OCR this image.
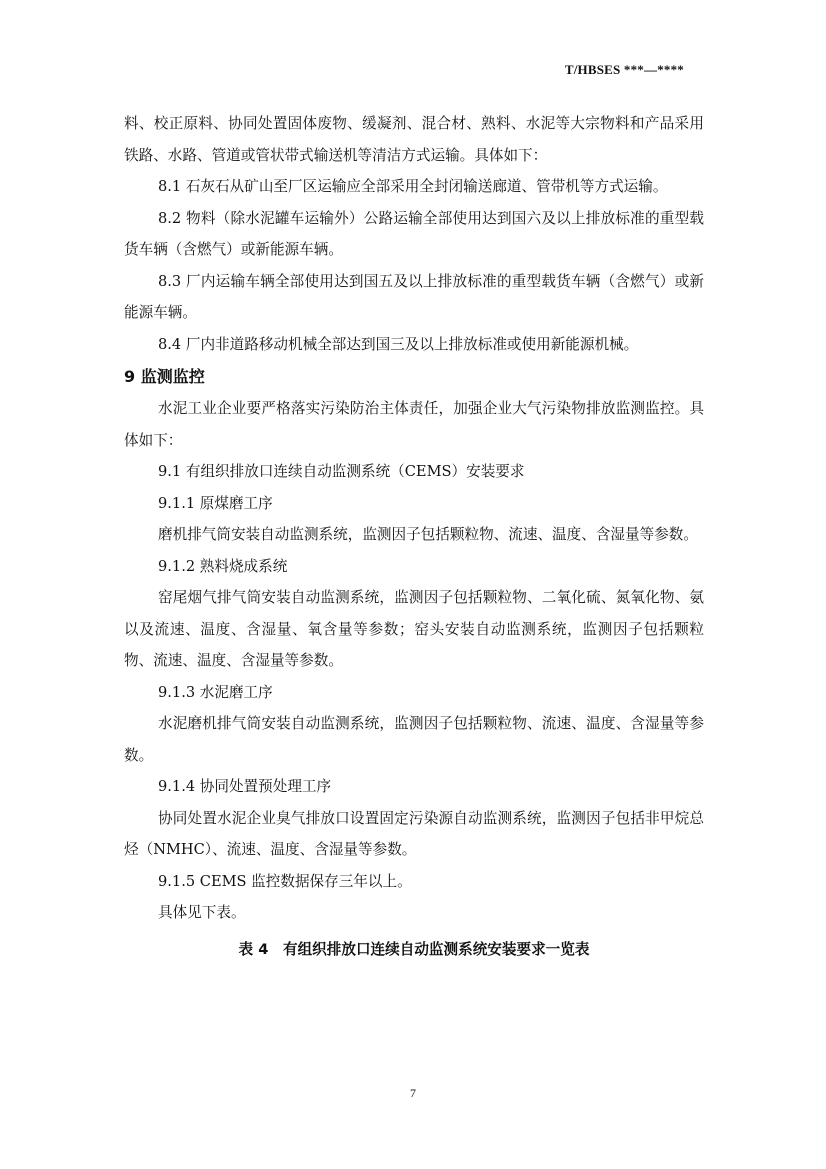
T/HBSES ***—****

料、校正原料、协同处置固体废物、缓凝剂、混合材、熟料、水泥等大宗物料和产品采用铁路、水路、管道或管状带式输送机等清洁方式运输。具体如下：

8.1 石灰石从矿山至厂区运输应全部采用全封闭输送廊道、管带机等方式运输。

8.2 物料（除水泥罐车运输外）公路运输全部使用达到国六及以上排放标准的重型载货车辆（含燃气）或新能源车辆。

8.3 厂内运输车辆全部使用达到国五及以上排放标准的重型载货车辆（含燃气）或新能源车辆。

8.4 厂内非道路移动机械全部达到国三及以上排放标准或使用新能源机械。

9 监测监控

水泥工业企业要严格落实污染防治主体责任，加强企业大气污染物排放监测监控。具体如下：

9.1 有组织排放口连续自动监测系统（CEMS）安装要求

9.1.1 原煤磨工序

磨机排气筒安装自动监测系统，监测因子包括颗粒物、流速、温度、含湿量等参数。

9.1.2 熟料烧成系统

窑尾烟气排气筒安装自动监测系统，监测因子包括颗粒物、二氧化硫、氮氧化物、氨以及流速、温度、含湿量、氧含量等参数；窑头安装自动监测系统，监测因子包括颗粒物、流速、温度、含湿量等参数。

9.1.3 水泥磨工序

水泥磨机排气筒安装自动监测系统，监测因子包括颗粒物、流速、温度、含湿量等参数。

9.1.4 协同处置预处理工序

协同处置水泥企业臭气排放口设置固定污染源自动监测系统，监测因子包括非甲烷总烃（NMHC）、流速、温度、含湿量等参数。

9.1.5 CEMS 监控数据保存三年以上。

具体见下表。

表 4　有组织排放口连续自动监测系统安装要求一览表
7
